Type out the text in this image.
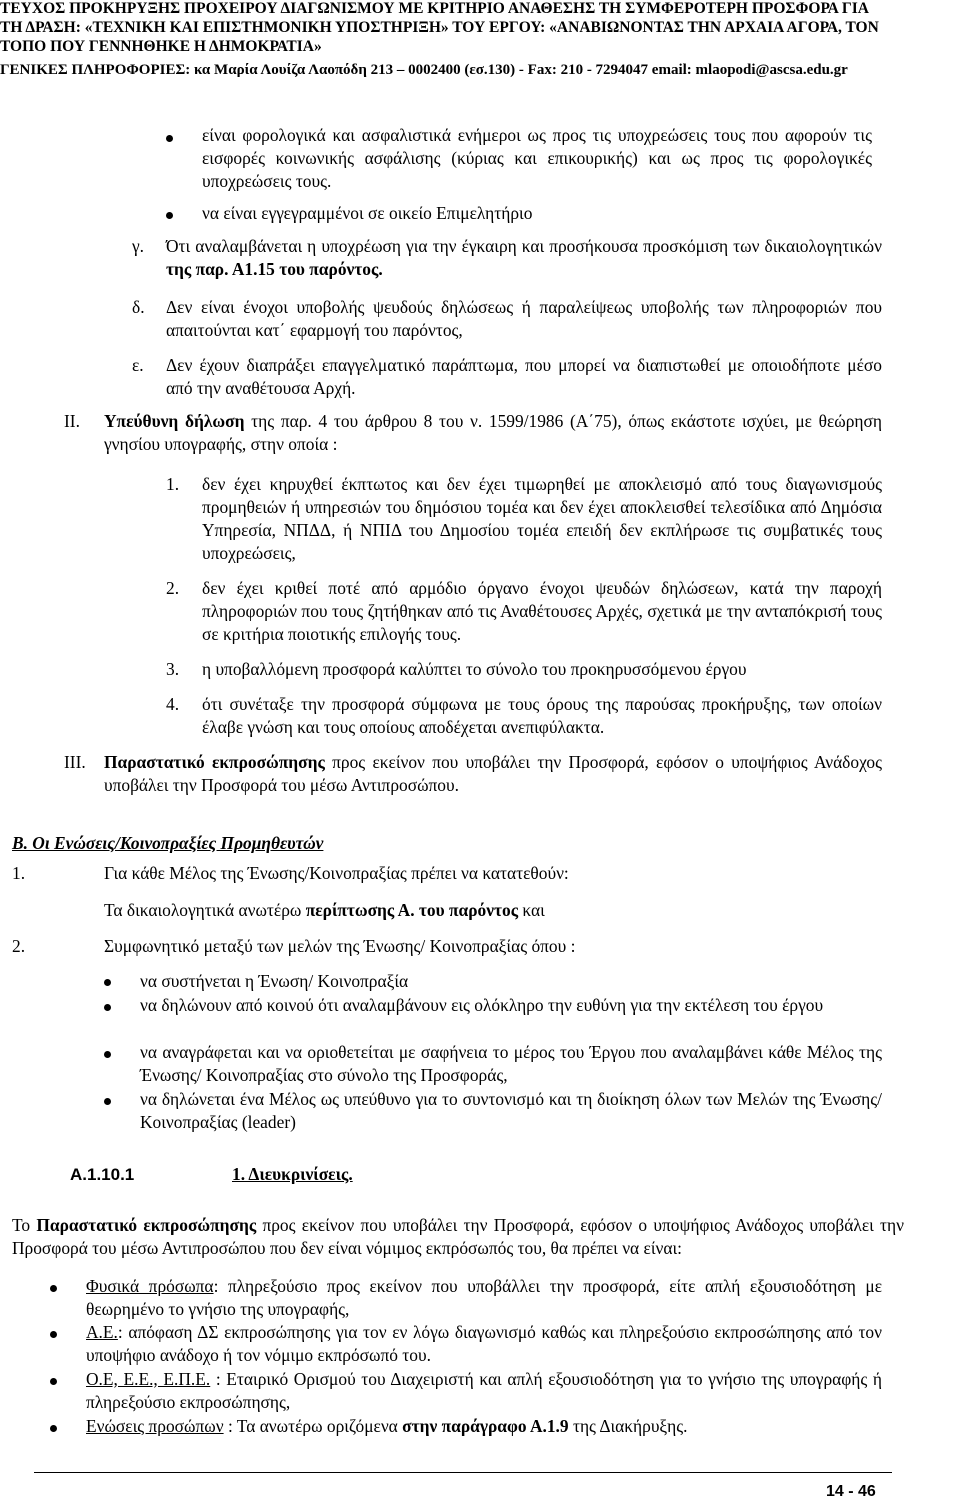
ΤΕΥΧΟΣ ΠΡΟΚΗΡΥΞΗΣ ΠΡΟΧΕΙΡΟΥ ΔΙΑΓΩΝΙΣΜΟΥ ΜΕ ΚΡΙΤΗΡΙΟ ΑΝΑΘΕΣΗΣ ΤΗ ΣΥΜΦΕΡΟΤΕΡΗ ΠΡΟΣΦΟΡΑ ΓΙΑ
ΤΗ ΔΡΑΣΗ: «ΤΕΧΝΙΚΗ ΚΑΙ ΕΠΙΣΤΗΜΟΝΙΚΗ ΥΠΟΣΤΗΡΙΞΗ» ΤΟΥ ΕΡΓΟΥ: «ΑΝΑΒΙΩΝΟΝΤΑΣ ΤΗΝ ΑΡΧΑΙΑ ΑΓΟΡΑ, ΤΟΝ
ΤΟΠΟ ΠΟΥ ΓΕΝΝΗΘΗΚΕ Η ΔΗΜΟΚΡΑΤΙΑ»
ΓΕΝΙΚΕΣ ΠΛΗΡΟΦΟΡΙΕΣ: κα Μαρία Λουίζα Λαοπόδη 213 – 0002400 (εσ.130) - Fax: 210 - 7294047 email: mlaopodi@ascsa.edu.gr
είναι φορολογικά και ασφαλιστικά ενήμεροι ως προς τις υποχρεώσεις τους που αφορούν τις εισφορές κοινωνικής ασφάλισης (κύριας και επικουρικής) και ως προς τις φορολογικές υποχρεώσεις τους.
να είναι εγγεγραμμένοι σε οικείο Επιμελητήριο
γ. Ότι αναλαμβάνεται η υποχρέωση για την έγκαιρη και προσήκουσα προσκόμιση των δικαιολογητικών της παρ. Α1.15 του παρόντος.
δ. Δεν είναι ένοχοι υποβολής ψευδούς δηλώσεως ή παραλείψεως υποβολής των πληροφοριών που απαιτούνται κατ΄ εφαρμογή του παρόντος,
ε. Δεν έχουν διαπράξει επαγγελματικό παράπτωμα, που μπορεί να διαπιστωθεί με οποιοδήποτε μέσο από την αναθέτουσα Αρχή.
ΙΙ. Υπεύθυνη δήλωση της παρ. 4 του άρθρου 8 του ν. 1599/1986 (Α΄75), όπως εκάστοτε ισχύει, με θεώρηση γνησίου υπογραφής, στην οποία :
1. δεν έχει κηρυχθεί έκπτωτος και δεν έχει τιμωρηθεί με αποκλεισμό από τους διαγωνισμούς προμηθειών ή υπηρεσιών του δημόσιου τομέα και δεν έχει αποκλεισθεί τελεσίδικα από Δημόσια Υπηρεσία, ΝΠΔΔ, ή ΝΠΙΔ του Δημοσίου τομέα επειδή δεν εκπλήρωσε τις συμβατικές τους υποχρεώσεις,
2. δεν έχει κριθεί ποτέ από αρμόδιο όργανο ένοχοι ψευδών δηλώσεων, κατά την παροχή πληροφοριών που τους ζητήθηκαν από τις Αναθέτουσες Αρχές, σχετικά με την ανταπόκρισή τους σε κριτήρια ποιοτικής επιλογής τους.
3. η υποβαλλόμενη προσφορά καλύπτει το σύνολο του προκηρυσσόμενου έργου
4. ότι συνέταξε την προσφορά σύμφωνα με τους όρους της παρούσας προκήρυξης, των οποίων έλαβε γνώση και τους οποίους αποδέχεται ανεπιφύλακτα.
ΙΙΙ. Παραστατικό εκπροσώπησης προς εκείνον που υποβάλει την Προσφορά, εφόσον ο υποψήφιος Ανάδοχος υποβάλει την Προσφορά του μέσω Αντιπροσώπου.
Β. Οι Ενώσεις/Κοινοπραξίες Προμηθευτών
1.	Για κάθε Μέλος της Ένωσης/Κοινοπραξίας πρέπει να κατατεθούν:
Τα δικαιολογητικά ανωτέρω περίπτωσης Α. του παρόντος και
2.	Συμφωνητικό μεταξύ των μελών της Ένωσης/ Κοινοπραξίας όπου :
να συστήνεται η Ένωση/ Κοινοπραξία
να δηλώνουν από κοινού ότι αναλαμβάνουν εις ολόκληρο την ευθύνη για την εκτέλεση του έργου
να αναγράφεται και να οριοθετείται με σαφήνεια το μέρος του Έργου που αναλαμβάνει κάθε Μέλος της Ένωσης/ Κοινοπραξίας στο σύνολο της Προσφοράς,
να δηλώνεται ένα Μέλος ως υπεύθυνο για το συντονισμό και τη διοίκηση όλων των Μελών της Ένωσης/ Κοινοπραξίας (leader)
Α.1.10.1	1. Διευκρινίσεις.
Το Παραστατικό εκπροσώπησης προς εκείνον που υποβάλει την Προσφορά, εφόσον ο υποψήφιος Ανάδοχος υποβάλει την Προσφορά του μέσω Αντιπροσώπου που δεν είναι νόμιμος εκπρόσωπός του, θα πρέπει να είναι:
Φυσικά πρόσωπα: πληρεξούσιο προς εκείνον που υποβάλλει την προσφορά, είτε απλή εξουσιοδότηση με θεωρημένο το γνήσιο της υπογραφής,
Α.Ε.: απόφαση ΔΣ εκπροσώπησης για τον εν λόγω διαγωνισμό καθώς και πληρεξούσιο εκπροσώπησης από τον υποψήφιο ανάδοχο ή τον νόμιμο εκπρόσωπό του.
Ο.Ε, Ε.Ε., Ε.Π.Ε. : Εταιρικό Ορισμού του Διαχειριστή και απλή εξουσιοδότηση για το γνήσιο της υπογραφής ή πληρεξούσιο εκπροσώπησης,
Ενώσεις προσώπων : Τα ανωτέρω οριζόμενα στην παράγραφο Α.1.9 της Διακήρυξης.
14 - 46
